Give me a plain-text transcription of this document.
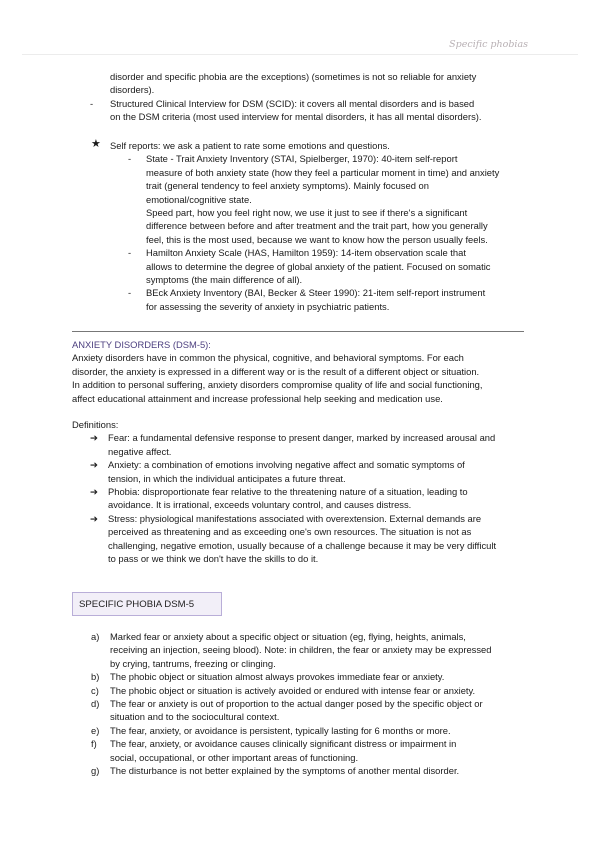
Specific phobias
disorder and specific phobia are the exceptions) (sometimes is not so reliable for anxiety
disorders).
- Structured Clinical Interview for DSM (SCID): it covers all mental disorders and is based
on the DSM criteria (most used interview for mental disorders, it has all mental disorders).
★ Self reports: we ask a patient to rate some emotions and questions.
- State - Trait Anxiety Inventory (STAI, Spielberger, 1970): 40-item self-report
measure of both anxiety state (how they feel a particular moment in time) and anxiety
trait (general tendency to feel anxiety symptoms). Mainly focused on
emotional/cognitive state.
Speed part, how you feel right now, we use it just to see if there's a significant
difference between before and after treatment and the trait part, how you generally
feel, this is the most used, because we want to know how the person usually feels.
- Hamilton Anxiety Scale (HAS, Hamilton 1959): 14-item observation scale that
allows to determine the degree of global anxiety of the patient. Focused on somatic
symptoms (the main difference of all).
- BEck Anxiety Inventory (BAI, Becker & Steer 1990): 21-item self-report instrument
for assessing the severity of anxiety in psychiatric patients.
ANXIETY DISORDERS (DSM-5):
Anxiety disorders have in common the physical, cognitive, and behavioral symptoms. For each
disorder, the anxiety is expressed in a different way or is the result of a different object or situation.
In addition to personal suffering, anxiety disorders compromise quality of life and social functioning,
affect educational attainment and increase professional help seeking and medication use.
Definitions:
➔ Fear: a fundamental defensive response to present danger, marked by increased arousal and
negative affect.
➔ Anxiety: a combination of emotions involving negative affect and somatic symptoms of
tension, in which the individual anticipates a future threat.
➔ Phobia: disproportionate fear relative to the threatening nature of a situation, leading to
avoidance. It is irrational, exceeds voluntary control, and causes distress.
➔ Stress: physiological manifestations associated with overextension. External demands are
perceived as threatening and as exceeding one's own resources. The situation is not as
challenging, negative emotion, usually because of a challenge because it may be very difficult
to pass or we think we don't have the skills to do it.
SPECIFIC PHOBIA DSM-5
a) Marked fear or anxiety about a specific object or situation (eg, flying, heights, animals,
receiving an injection, seeing blood). Note: in children, the fear or anxiety may be expressed
by crying, tantrums, freezing or clinging.
b) The phobic object or situation almost always provokes immediate fear or anxiety.
c) The phobic object or situation is actively avoided or endured with intense fear or anxiety.
d) The fear or anxiety is out of proportion to the actual danger posed by the specific object or
situation and to the sociocultural context.
e) The fear, anxiety, or avoidance is persistent, typically lasting for 6 months or more.
f) The fear, anxiety, or avoidance causes clinically significant distress or impairment in
social, occupational, or other important areas of functioning.
g) The disturbance is not better explained by the symptoms of another mental disorder.
